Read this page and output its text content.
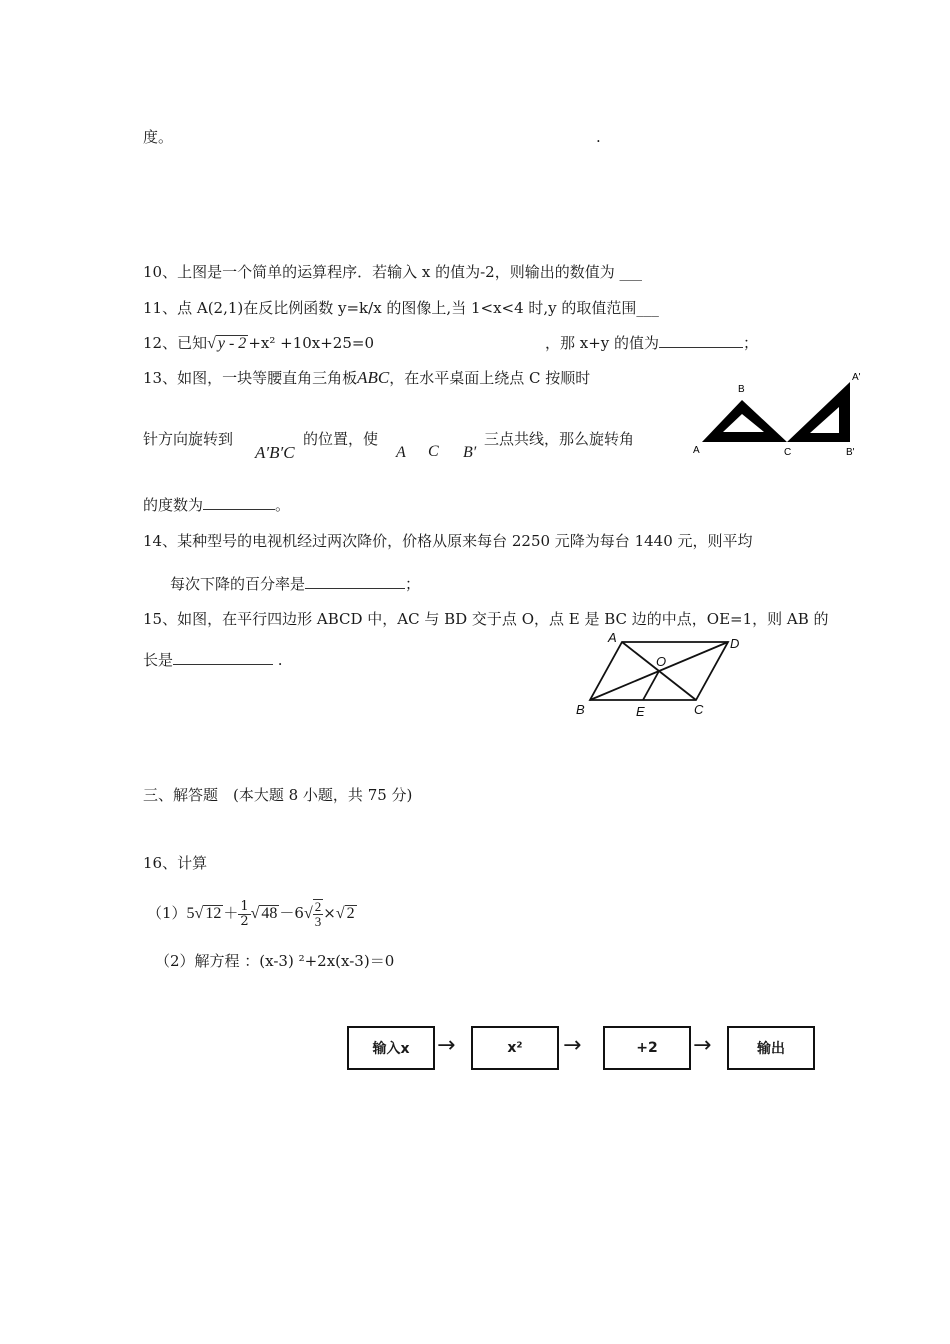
度。	.
10、上图是一个简单的运算程序．若输入 x 的值为-2，则输出的数值为 ___
11、点 A(2,1)在反比例函数 y=k/x 的图像上,当 1<x<4 时,y 的取值范围___
12、已知√ y - 2 +x² +10x+25=0	，那 x+y 的值为	；
13、如图，一块等腰直角三角板ABC，在水平桌面上绕点 C 按顺时
针方向旋转到
A′B′C
的位置，使
A C B′
三点共线，那么旋转角
的度数为	。
B
A'
A	C	B'
14、某种型号的电视机经过两次降价，价格从原来每台 2250 元降为每台 1440 元，则平均
每次下降的百分率是	；
15、如图，在平行四边形 ABCD 中，AC 与 BD 交于点 O，点 E 是 BC 边的中点，OE=1，则 AB 的
长是	.
A	D
O
B	E	C
三、解答题　(本大题 8 小题，共 75 分)
16、计算
（1）5√ $12 + \frac{1}{2}$ √ $48 -6√ \frac{2}{3}$ ×√ 2
（2）解方程 ：(x-3) ²+2x(x-3)＝0
输入x	→	x²	→	+2	→	输出
